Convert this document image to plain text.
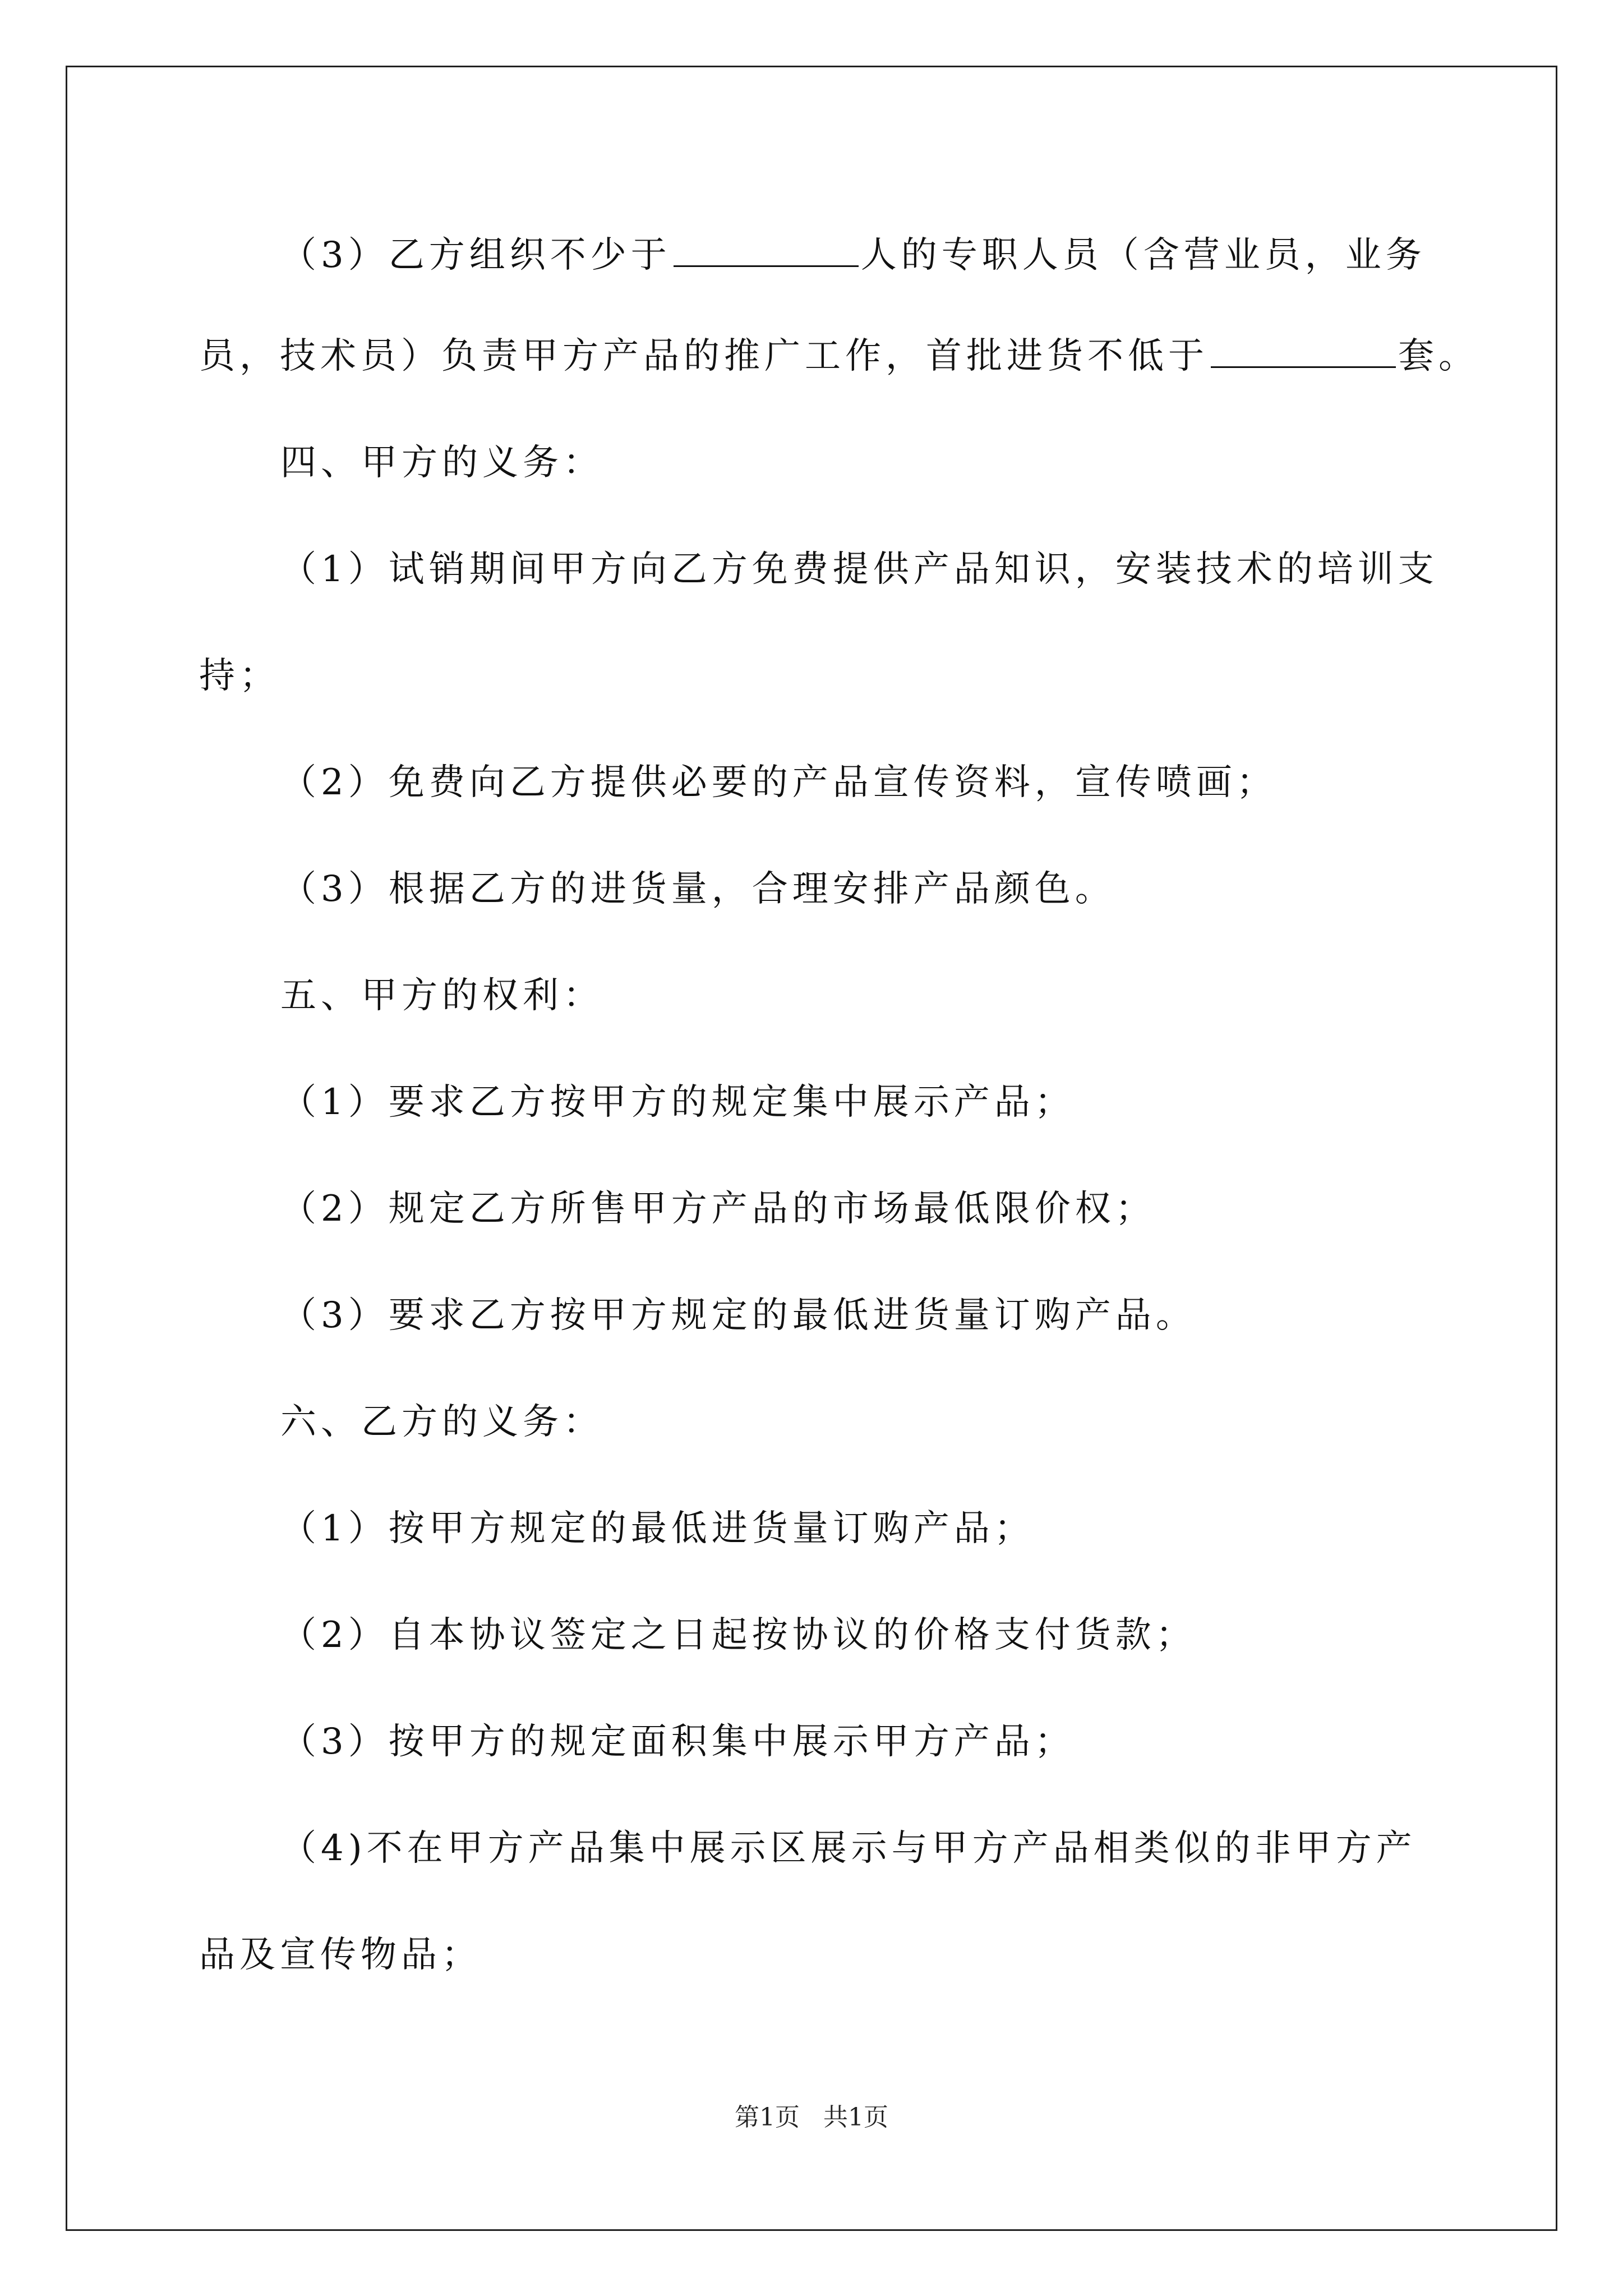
（3）乙方组织不少于	人的专职人员（含营业员，业务
员，技术员）负责甲方产品的推广工作，首批进货不低于	套。
四、甲方的义务：
（1）试销期间甲方向乙方免费提供产品知识，安装技术的培训支
持；
（2）免费向乙方提供必要的产品宣传资料，宣传喷画；
（3）根据乙方的进货量，合理安排产品颜色。
五、甲方的权利：
（1）要求乙方按甲方的规定集中展示产品；
（2）规定乙方所售甲方产品的市场最低限价权；
（3）要求乙方按甲方规定的最低进货量订购产品。
六、乙方的义务：
（1）按甲方规定的最低进货量订购产品；
（2）自本协议签定之日起按协议的价格支付货款；
（3）按甲方的规定面积集中展示甲方产品；
（4)不在甲方产品集中展示区展示与甲方产品相类似的非甲方产
品及宣传物品；
第1页 共1页
